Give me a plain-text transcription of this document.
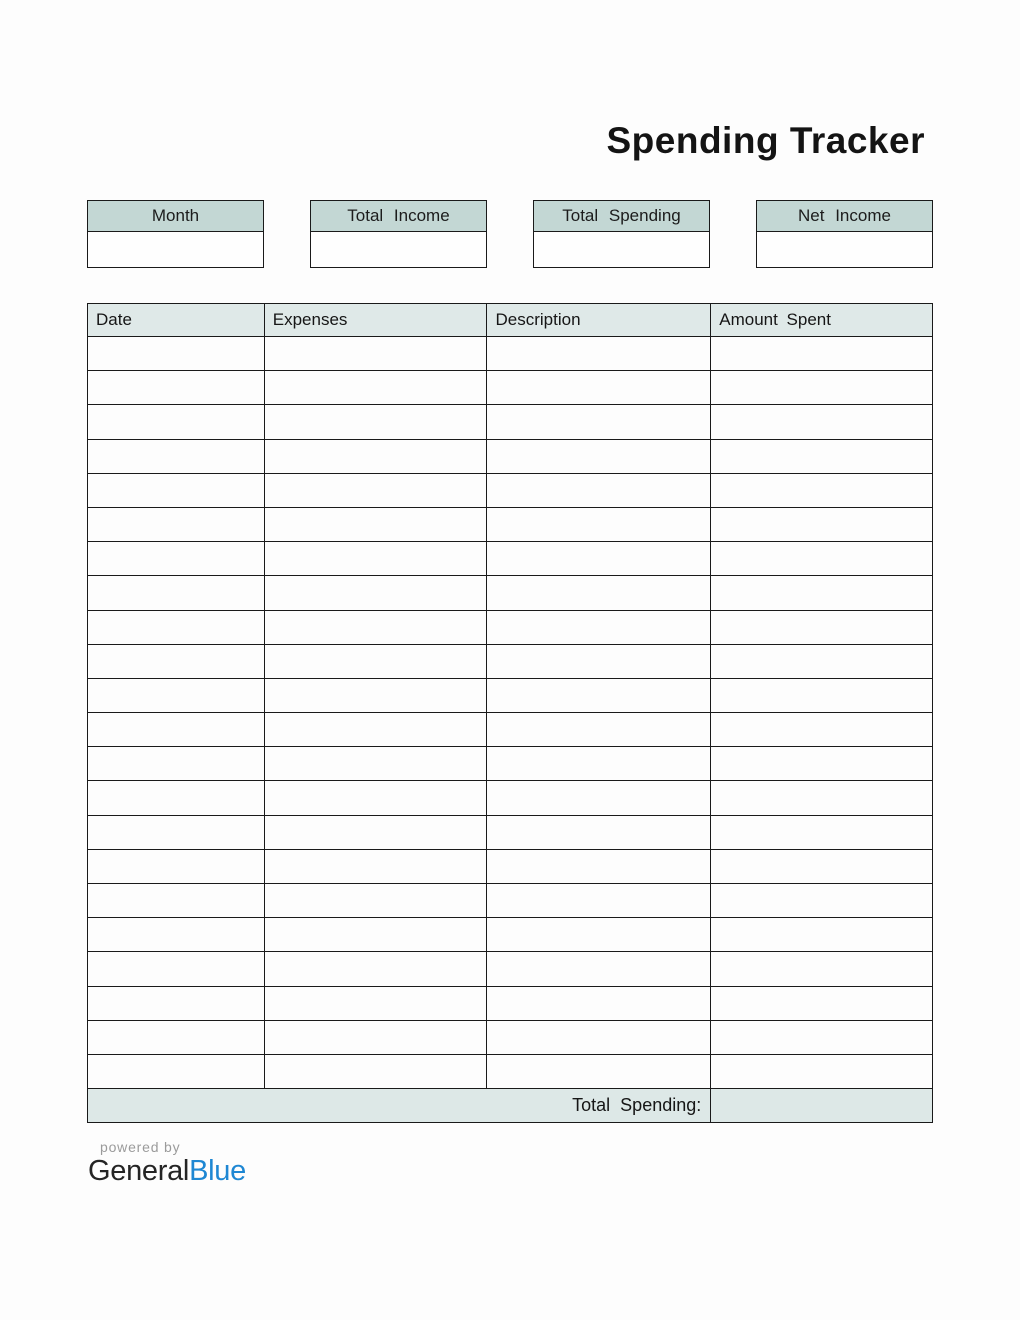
Spending Tracker
Month	Total Income	Total Spending	Net Income
Date	Expenses	Description	Amount Spent

Total Spending:			
powered by
GeneralBlue
